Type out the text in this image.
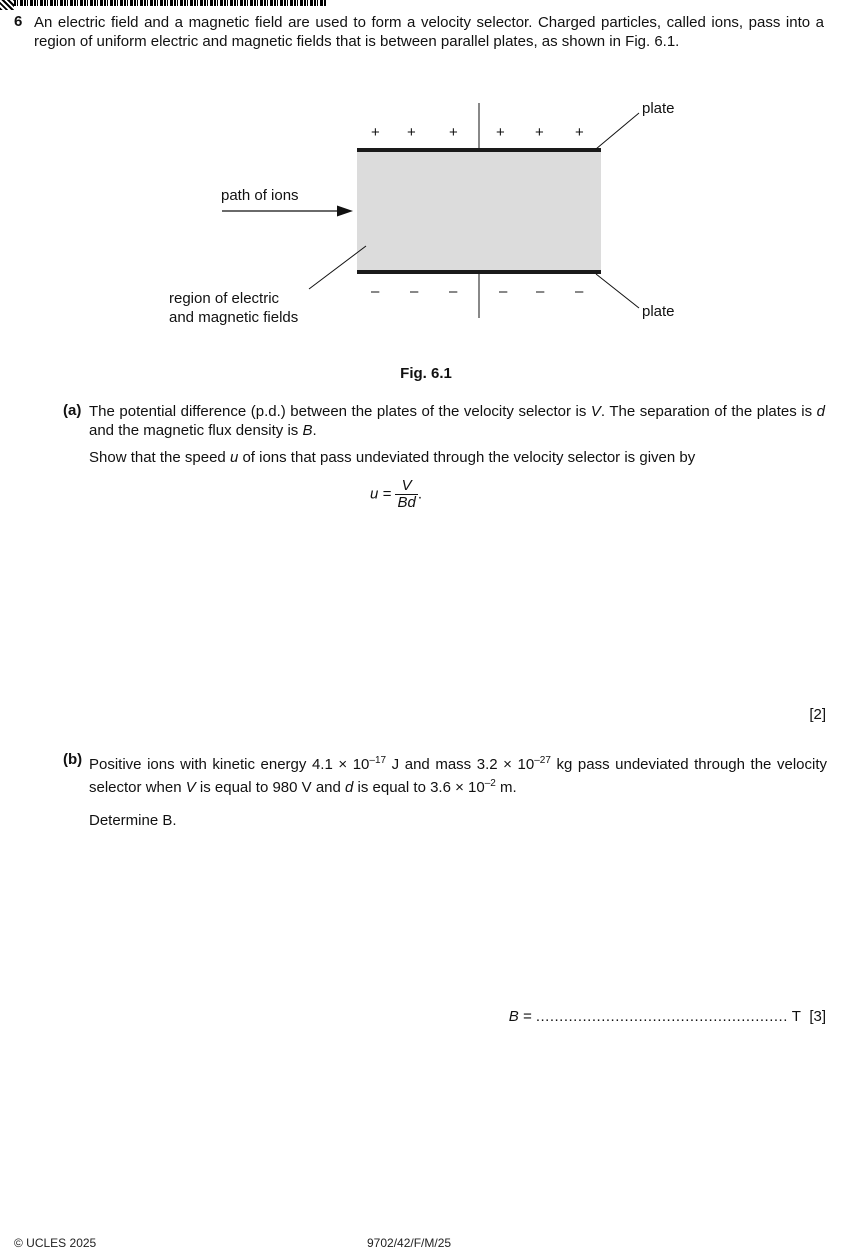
6 An electric field and a magnetic field are used to form a velocity selector. Charged particles, called ions, pass into a region of uniform electric and magnetic fields that is between parallel plates, as shown in Fig. 6.1.
+ + +	+ + +
– – –	– – –
plate
plate
path of ions
region of electric
and magnetic fields
Fig. 6.1
(a) The potential difference (p.d.) between the plates of the velocity selector is V. The separation of the plates is d and the magnetic flux density is B.
Show that the speed u of ions that pass undeviated through the velocity selector is given by
$u = \frac{V}{Bd}$ .
[2]
(b) Positive ions with kinetic energy $4.1 \times 10^{-17}$ J and mass $3.2 \times 10^{-27}$ kg pass undeviated through the velocity selector when V is equal to 980 V and d is equal to $3.6 \times 10^{-2}$ m.
Determine B.
B = ...................................................... T [3]
© UCLES 2025	9702/42/F/M/25
